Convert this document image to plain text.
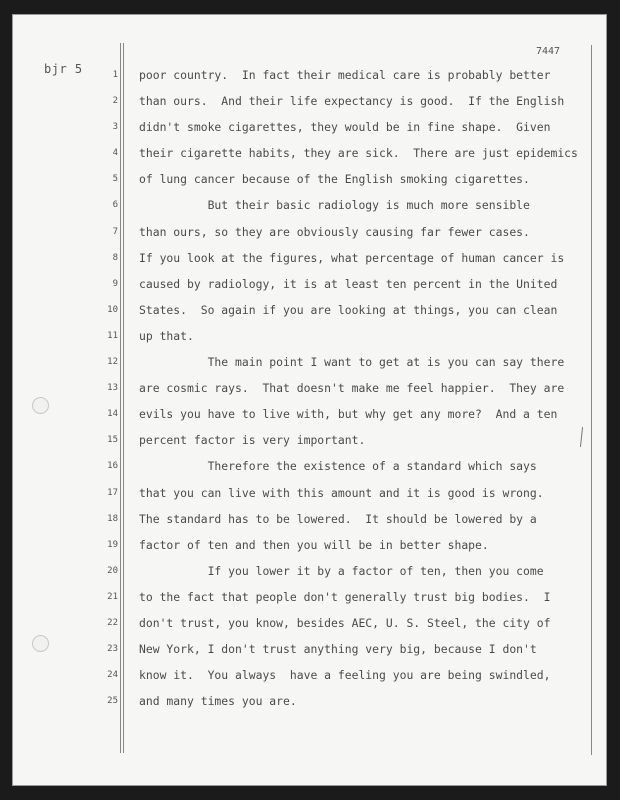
bjr 5
7447
1
2
3
4
5
6
7
8
9
10
11
12
13
14
15
16
17
18
19
20
21
22
23
24
25
poor country.  In fact their medical care is probably better
than ours.  And their life expectancy is good.  If the English
didn't smoke cigarettes, they would be in fine shape.  Given
their cigarette habits, they are sick.  There are just epidemics
of lung cancer because of the English smoking cigarettes.
But their basic radiology is much more sensible
than ours, so they are obviously causing far fewer cases.
If you look at the figures, what percentage of human cancer is
caused by radiology, it is at least ten percent in the United
States.  So again if you are looking at things, you can clean
up that.
The main point I want to get at is you can say there
are cosmic rays.  That doesn't make me feel happier.  They are
evils you have to live with, but why get any more?  And a ten
percent factor is very important.
Therefore the existence of a standard which says
that you can live with this amount and it is good is wrong.
The standard has to be lowered.  It should be lowered by a
factor of ten and then you will be in better shape.
If you lower it by a factor of ten, then you come
to the fact that people don't generally trust big bodies.  I
don't trust, you know, besides AEC, U. S. Steel, the city of
New York, I don't trust anything very big, because I don't
know it.  You always  have a feeling you are being swindled,
and many times you are.
